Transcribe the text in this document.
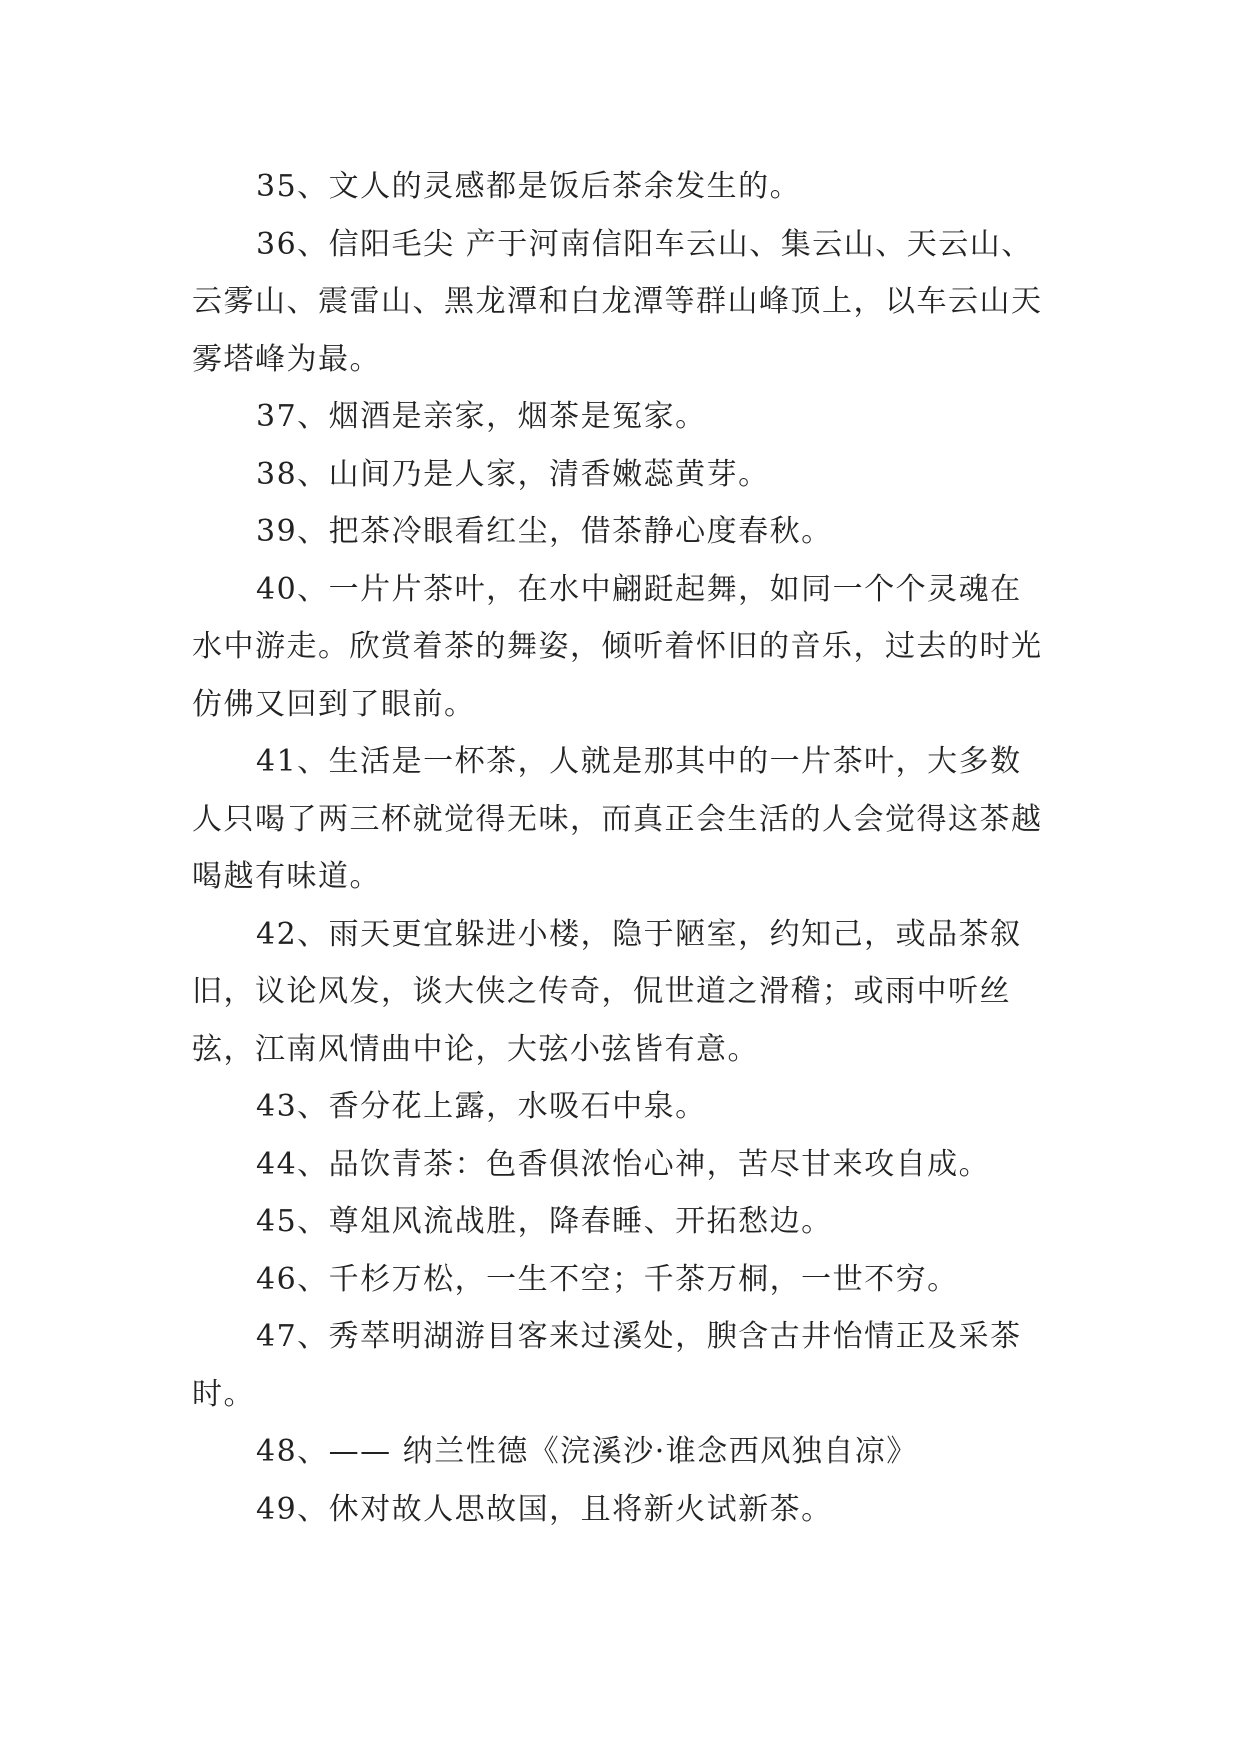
35、文人的灵感都是饭后茶余发生的。

36、信阳毛尖 产于河南信阳车云山、集云山、天云山、云雾山、震雷山、黑龙潭和白龙潭等群山峰顶上，以车云山天雾塔峰为最。

37、烟酒是亲家，烟茶是冤家。

38、山间乃是人家，清香嫩蕊黄芽。

39、把茶冷眼看红尘，借茶静心度春秋。

40、一片片茶叶，在水中翩跹起舞，如同一个个灵魂在水中游走。欣赏着茶的舞姿，倾听着怀旧的音乐，过去的时光仿佛又回到了眼前。

41、生活是一杯茶，人就是那其中的一片茶叶，大多数人只喝了两三杯就觉得无味，而真正会生活的人会觉得这茶越喝越有味道。

42、雨天更宜躲进小楼，隐于陋室，约知己，或品茶叙旧，议论风发，谈大侠之传奇，侃世道之滑稽；或雨中听丝弦，江南风情曲中论，大弦小弦皆有意。

43、香分花上露，水吸石中泉。

44、品饮青茶：色香俱浓怡心神，苦尽甘来攻自成。

45、尊俎风流战胜，降春睡、开拓愁边。

46、千杉万松，一生不空；千茶万桐，一世不穷。

47、秀萃明湖游目客来过溪处，腴含古井怡情正及采茶时。

48、—— 纳兰性德《浣溪沙·谁念西风独自凉》

49、休对故人思故国，且将新火试新茶。
